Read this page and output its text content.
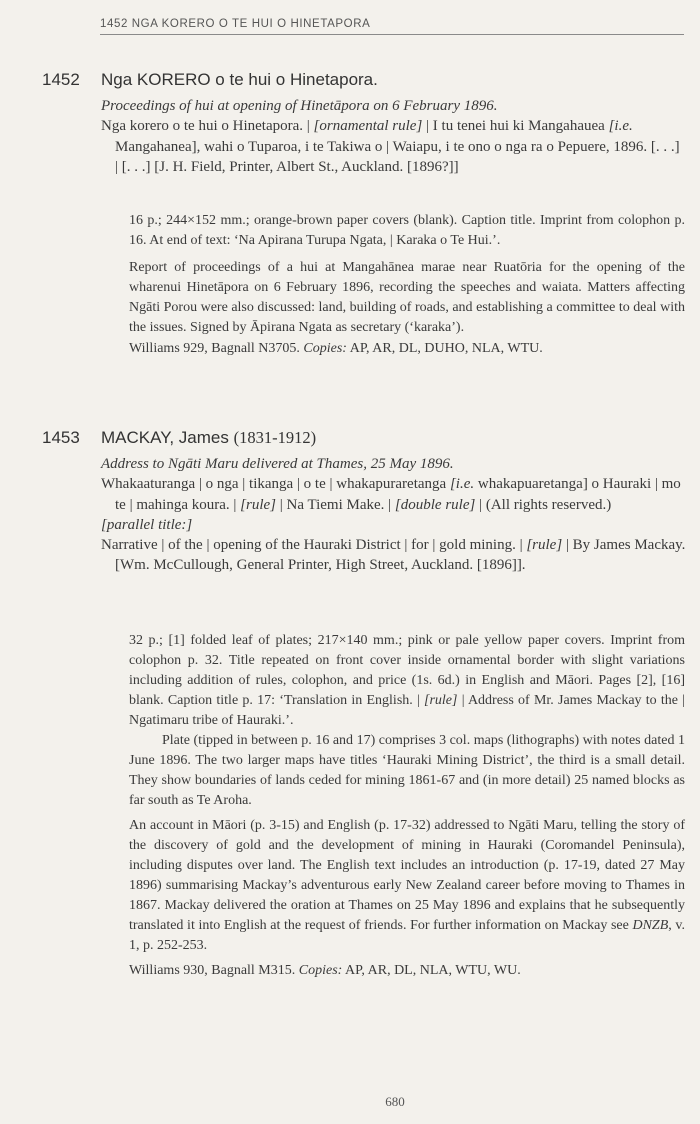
1452 NGA KORERO O TE HUI O HINETAPORA
1452 Nga KORERO o te hui o Hinetapora.
Proceedings of hui at opening of Hinetāpora on 6 February 1896.
Nga korero o te hui o Hinetapora. | [ornamental rule] | I tu tenei hui ki Mangahauea [i.e. Mangahanea], wahi o Tuparoa, i te Takiwa o | Waiapu, i te ono o nga ra o Pepuere, 1896. [. . .] | [. . .] [J. H. Field, Printer, Albert St., Auckland. [1896?]]

16 p.; 244×152 mm.; orange-brown paper covers (blank). Caption title. Imprint from colophon p. 16. At end of text: ‘Na Apirana Turupa Ngata, | Karaka o Te Hui.’.

Report of proceedings of a hui at Mangahānea marae near Ruatōria for the opening of the wharenui Hinetāpora on 6 February 1896, recording the speeches and waiata. Matters affecting Ngāti Porou were also discussed: land, building of roads, and establishing a committee to deal with the issues. Signed by Āpirana Ngata as secretary (‘karaka’).

Williams 929, Bagnall N3705. Copies: AP, AR, DL, DUHO, NLA, WTU.

1453 MACKAY, James (1831-1912)
Address to Ngāti Maru delivered at Thames, 25 May 1896.
Whakaaturanga | o nga | tikanga | o te | whakapuraretanga [i.e. whakapuaretanga] o Hauraki | mo te | mahinga koura. | [rule] | Na Tiemi Make. | [double rule] | (All rights reserved.)
[parallel title:]
Narrative | of the | opening of the Hauraki District | for | gold mining. | [rule] | By James Mackay. [Wm. McCullough, General Printer, High Street, Auckland. [1896]].

32 p.; [1] folded leaf of plates; 217×140 mm.; pink or pale yellow paper covers. Imprint from colophon p. 32. Title repeated on front cover inside ornamental border with slight variations including addition of rules, colophon, and price (1s. 6d.) in English and Māori. Pages [2], [16] blank. Caption title p. 17: ‘Translation in English. | [rule] | Address of Mr. James Mackay to the | Ngatimaru tribe of Hauraki.’.

Plate (tipped in between p. 16 and 17) comprises 3 col. maps (lithographs) with notes dated 1 June 1896. The two larger maps have titles ‘Hauraki Mining District’, the third is a small detail. They show boundaries of lands ceded for mining 1861-67 and (in more detail) 25 named blocks as far south as Te Aroha.

An account in Māori (p. 3-15) and English (p. 17-32) addressed to Ngāti Maru, telling the story of the discovery of gold and the development of mining in Hauraki (Coromandel Peninsula), including disputes over land. The English text includes an introduction (p. 17-19, dated 27 May 1896) summarising Mackay’s adventurous early New Zealand career before moving to Thames in 1867. Mackay delivered the oration at Thames on 25 May 1896 and explains that he subsequently translated it into English at the request of friends. For further information on Mackay see DNZB, v. 1, p. 252-253.

Williams 930, Bagnall M315. Copies: AP, AR, DL, NLA, WTU, WU.

680
